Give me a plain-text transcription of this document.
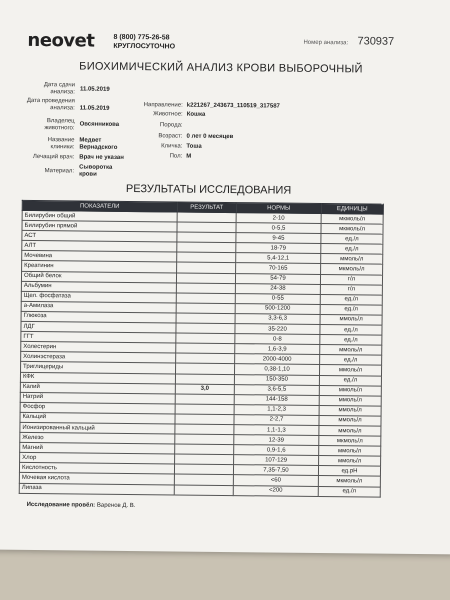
neovet	8 (800) 775-26-58
КРУГЛОСУТОЧНО	Номер анализа: 730937
БИОХИМИЧЕСКИЙ АНАЛИЗ КРОВИ ВЫБОРОЧНЫЙ
Дата сдачи анализа: 11.05.2019
Дата проведения анализа: 11.05.2019
Владелец животного:
Овсянникова
Название клиники:
Медвет Вернадского
Лечащий врач: Врач не указан
Материал:
Сыворотка крови
Направление: k221267_243673_110519_317587
Животное: Кошка
Порода:
Возраст: 0 лет 0 месяцев
Кличка: Тоша
Пол: М
РЕЗУЛЬТАТЫ ИССЛЕДОВАНИЯ
ПОКАЗАТЕЛИ	РЕЗУЛЬТАТ	НОРМЫ	ЕДИНИЦЫ
Билирубин общий		2-10	мкмоль/л
Билирубин прямой		0-5,5	мкмоль/л
АСТ		9-45	ед./л
АЛТ		18-79	ед./л
Мочевина		5,4-12,1	ммоль/л
Креатинин		70-165	мкмоль/л
Общий белок		54-79	г/л
Альбумин		24-38	г/л
Щел. фосфатаза		0-55	ед./л
а-Амилаза		500-1200	ед./л
Глюкоза		3,3-6,3	ммоль/л
ЛДГ		35-220	ед./л
ГГТ		0-8	ед./л
Холестерин		1,6-3,9	ммоль/л
Холинэстераза		2000-4000	ед./л
Триглицериды		0,38-1,10	ммоль/л
КФК		150-350	ед./л
Калий	3,0	3,6-5,5	ммоль/л
Натрий		144-158	ммоль/л
Фосфор		1,1-2,3	ммоль/л
Кальций		2-2,7	ммоль/л
Ионизированный кальций		1,1-1,3	ммоль/л
Железо		12-39	мкмоль/л
Магний		0,9-1,6	ммоль/л
Хлор		107-129	ммоль/л
Кислотность		7,35-7,50	ед.pH
Мочевая кислота		<60	мкмоль/л
Липаза		<200	ед./л
Исследование провёл: Варенов Д. В.
